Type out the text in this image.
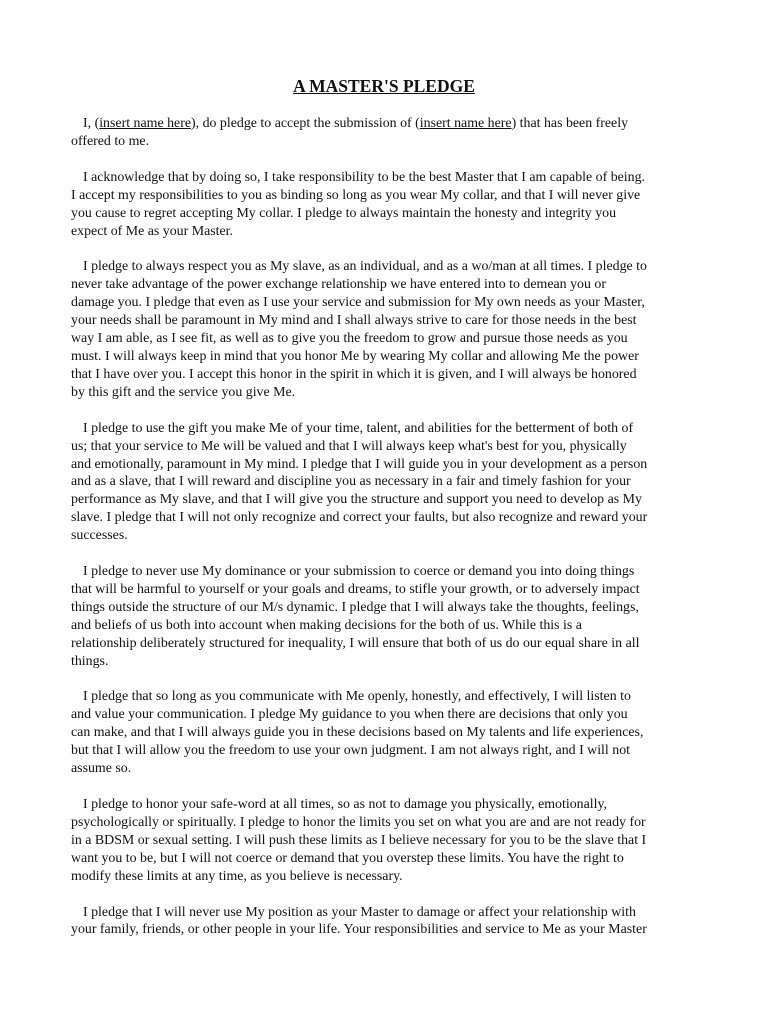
A MASTER'S PLEDGE

I, (insert name here), do pledge to accept the submission of (insert name here) that has been freely
offered to me.

I acknowledge that by doing so, I take responsibility to be the best Master that I am capable of being.
I accept my responsibilities to you as binding so long as you wear My collar, and that I will never give
you cause to regret accepting My collar. I pledge to always maintain the honesty and integrity you
expect of Me as your Master.

I pledge to always respect you as My slave, as an individual, and as a wo/man at all times. I pledge to
never take advantage of the power exchange relationship we have entered into to demean you or
damage you. I pledge that even as I use your service and submission for My own needs as your Master,
your needs shall be paramount in My mind and I shall always strive to care for those needs in the best
way I am able, as I see fit, as well as to give you the freedom to grow and pursue those needs as you
must. I will always keep in mind that you honor Me by wearing My collar and allowing Me the power
that I have over you. I accept this honor in the spirit in which it is given, and I will always be honored
by this gift and the service you give Me.

I pledge to use the gift you make Me of your time, talent, and abilities for the betterment of both of
us; that your service to Me will be valued and that I will always keep what's best for you, physically
and emotionally, paramount in My mind. I pledge that I will guide you in your development as a person
and as a slave, that I will reward and discipline you as necessary in a fair and timely fashion for your
performance as My slave, and that I will give you the structure and support you need to develop as My
slave. I pledge that I will not only recognize and correct your faults, but also recognize and reward your
successes.

I pledge to never use My dominance or your submission to coerce or demand you into doing things
that will be harmful to yourself or your goals and dreams, to stifle your growth, or to adversely impact
things outside the structure of our M/s dynamic. I pledge that I will always take the thoughts, feelings,
and beliefs of us both into account when making decisions for the both of us. While this is a
relationship deliberately structured for inequality, I will ensure that both of us do our equal share in all
things.

I pledge that so long as you communicate with Me openly, honestly, and effectively, I will listen to
and value your communication. I pledge My guidance to you when there are decisions that only you
can make, and that I will always guide you in these decisions based on My talents and life experiences,
but that I will allow you the freedom to use your own judgment. I am not always right, and I will not
assume so.

I pledge to honor your safe-word at all times, so as not to damage you physically, emotionally,
psychologically or spiritually. I pledge to honor the limits you set on what you are and are not ready for
in a BDSM or sexual setting. I will push these limits as I believe necessary for you to be the slave that I
want you to be, but I will not coerce or demand that you overstep these limits. You have the right to
modify these limits at any time, as you believe is necessary.

I pledge that I will never use My position as your Master to damage or affect your relationship with
your family, friends, or other people in your life. Your responsibilities and service to Me as your Master
